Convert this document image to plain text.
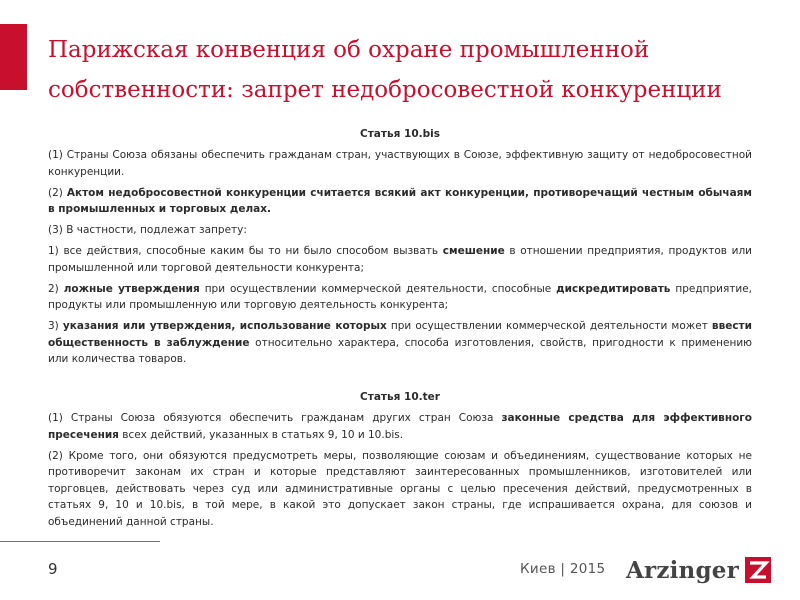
Парижская конвенция об охране промышленной
собственности: запрет недобросовестной конкуренции

Статья 10.bis

(1) Страны Союза обязаны обеспечить гражданам стран, участвующих в Союзе, эффективную защиту от недобросовестной конкуренции.

(2) Актом недобросовестной конкуренции считается всякий акт конкуренции, противоречащий честным обычаям в промышленных и торговых делах.

(3) В частности, подлежат запрету:

1) все действия, способные каким бы то ни было способом вызвать смешение в отношении предприятия, продуктов или промышленной или торговой деятельности конкурента;

2) ложные утверждения при осуществлении коммерческой деятельности, способные дискредитировать предприятие, продукты или промышленную или торговую деятельность конкурента;

3) указания или утверждения, использование которых при осуществлении коммерческой деятельности может ввести общественность в заблуждение относительно характера, способа изготовления, свойств, пригодности к применению или количества товаров.

Статья 10.ter

(1) Страны Союза обязуются обеспечить гражданам других стран Союза законные средства для эффективного пресечения всех действий, указанных в статьях 9, 10 и 10.bis.

(2) Кроме того, они обязуются предусмотреть меры, позволяющие союзам и объединениям, существование которых не противоречит законам их стран и которые представляют заинтересованных промышленников, изготовителей или торговцев, действовать через суд или административные органы с целью пресечения действий, предусмотренных в статьях 9, 10 и 10.bis, в той мере, в какой это допускает закон страны, где испрашивается охрана, для союзов и объединений данной страны.

9	Киев | 2015 Arzinger
